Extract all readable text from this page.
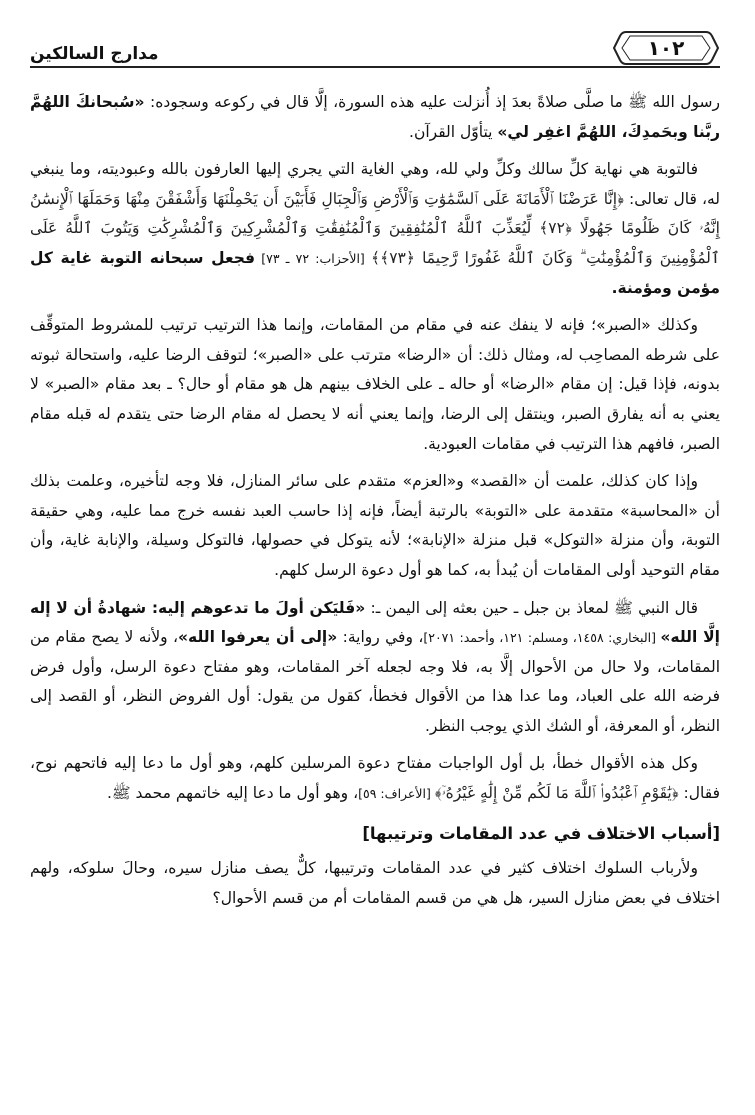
مدارج السالكين	١٠٢

رسول الله ﷺ ما صلَّى صلاةً بعدَ إذ أُنزلت عليه هذه السورة، إلَّا قال في ركوعه وسجوده: «سُبحانكَ اللهُمَّ ربَّنا وبحَمدِكَ، اللهُمَّ اغفِر لي» يتأوّل القرآن.

فالتوبة هي نهاية كلِّ سالك وكلِّ ولي لله، وهي الغاية التي يجري إليها العارفون بالله وعبوديته، وما ينبغي له، قال تعالى: ﴿إِنَّا عَرَضْنَا ٱلْأَمَانَةَ عَلَى ٱلسَّمَٰوَٰتِ وَٱلْأَرْضِ وَٱلْجِبَالِ فَأَبَيْنَ أَن يَحْمِلْنَهَا وَأَشْفَقْنَ مِنْهَا وَحَمَلَهَا ٱلْإِنسَٰنُ إِنَّهُۥ كَانَ ظَلُومًا جَهُولًا ﴿٧٢﴾ لِّيُعَذِّبَ ٱللَّهُ ٱلْمُنَٰفِقِينَ وَٱلْمُنَٰفِقَٰتِ وَٱلْمُشْرِكِينَ وَٱلْمُشْرِكَٰتِ وَيَتُوبَ ٱللَّهُ عَلَى ٱلْمُؤْمِنِينَ وَٱلْمُؤْمِنَٰتِ ۗ وَكَانَ ٱللَّهُ غَفُورًا رَّحِيمًا ﴿٧٣﴾﴾ [الأحزاب: ٧٢ ـ ٧٣] فجعل سبحانه التوبة غاية كل مؤمن ومؤمنة.

وكذلك «الصبر»؛ فإنه لا ينفك عنه في مقام من المقامات، وإنما هذا الترتيب ترتيب للمشروط المتوقِّف على شرطه المصاحِب له، ومثال ذلك: أن «الرضا» مترتب على «الصبر»؛ لتوقف الرضا عليه، واستحالة ثبوته بدونه، فإذا قيل: إن مقام «الرضا» أو حاله ـ على الخلاف بينهم هل هو مقام أو حال؟ ـ بعد مقام «الصبر» لا يعني به أنه يفارق الصبر، وينتقل إلى الرضا، وإنما يعني أنه لا يحصل له مقام الرضا حتى يتقدم له قبله مقام الصبر، فافهم هذا الترتيب في مقامات العبودية.

وإذا كان كذلك، علمت أن «القصد» و«العزم» متقدم على سائر المنازل، فلا وجه لتأخيره، وعلمت بذلك أن «المحاسبة» متقدمة على «التوبة» بالرتبة أيضاً، فإنه إذا حاسب العبد نفسه خرج مما عليه، وهي حقيقة التوبة، وأن منزلة «التوكل» قبل منزلة «الإنابة»؛ لأنه يتوكل في حصولها، فالتوكل وسيلة، والإنابة غاية، وأن مقام التوحيد أولى المقامات أن يُبدأ به، كما هو أول دعوة الرسل كلهم.

قال النبي ﷺ لمعاذ بن جبل ـ حين بعثه إلى اليمن ـ: «فَليَكن أولَ ما تدعوهم إليه: شهادةُ أن لا إله إلَّا الله» [البخاري: ١٤٥٨، ومسلم: ١٢١، وأحمد: ٢٠٧١]، وفي رواية: «إلى أن يعرفوا الله»، ولأنه لا يصح مقام من المقامات، ولا حال من الأحوال إلَّا به، فلا وجه لجعله آخر المقامات، وهو مفتاح دعوة الرسل، وأول فرض فرضه الله على العباد، وما عدا هذا من الأقوال فخطأ، كقول من يقول: أول الفروض النظر، أو القصد إلى النظر، أو المعرفة، أو الشك الذي يوجب النظر.

وكل هذه الأقوال خطأ، بل أول الواجبات مفتاح دعوة المرسلين كلهم، وهو أول ما دعا إليه فاتحهم نوح، فقال: ﴿يَٰقَوْمِ ٱعْبُدُوا۟ ٱللَّهَ مَا لَكُم مِّنْ إِلَٰهٍ غَيْرُهُۥٓ﴾ [الأعراف: ٥٩]، وهو أول ما دعا إليه خاتمهم محمد ﷺ.

[أسباب الاختلاف في عدد المقامات وترتيبها]

ولأرباب السلوك اختلاف كثير في عدد المقامات وترتيبها، كلٌّ يصف منازل سيره، وحالَ سلوكه، ولهم اختلاف في بعض منازل السير، هل هي من قسم المقامات أم من قسم الأحوال؟
